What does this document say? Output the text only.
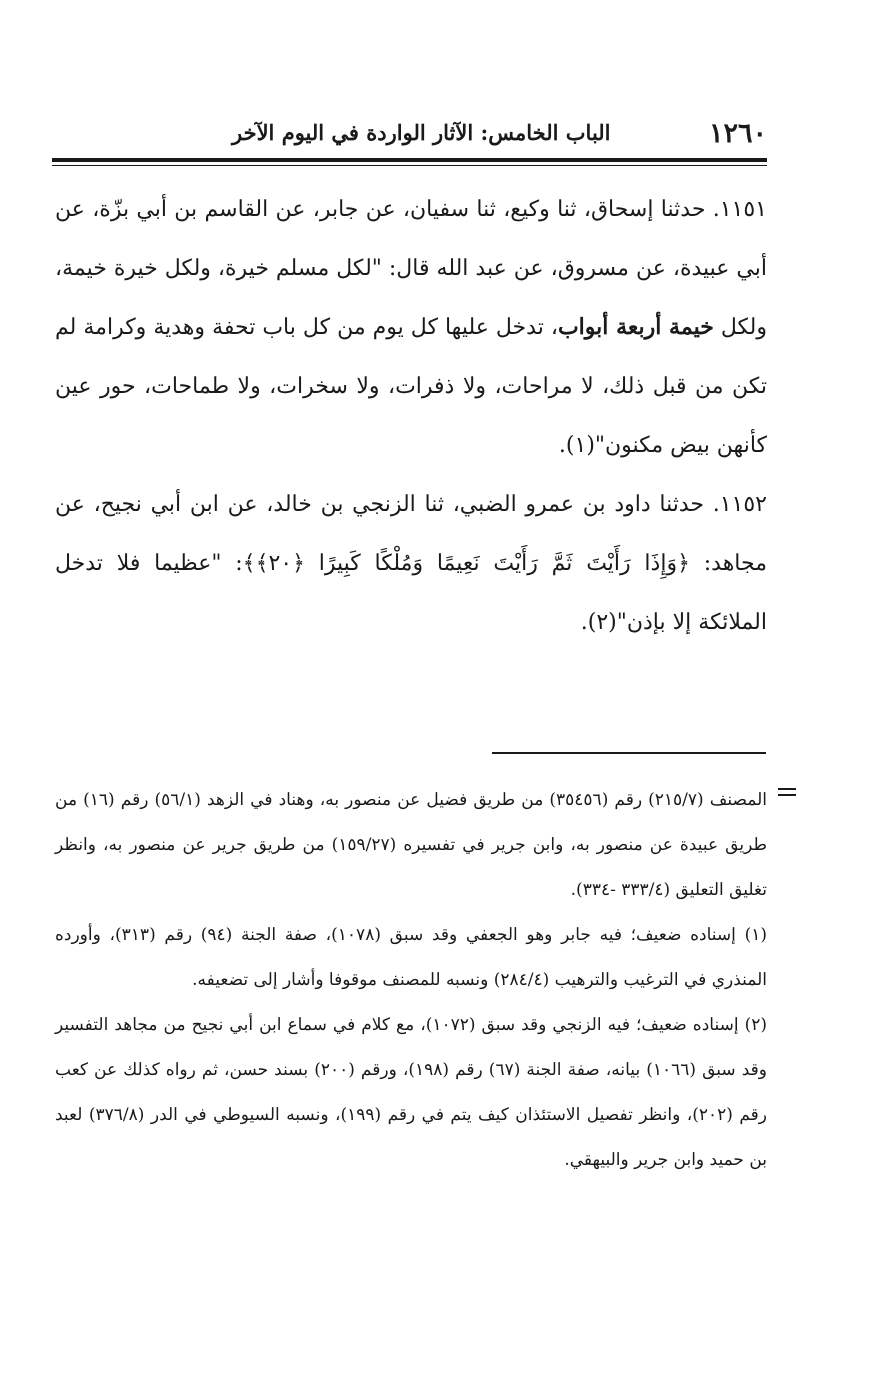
١٢٦٠
الباب الخامس: الآثار الواردة في اليوم الآخر

١١٥١. حدثنا إسحاق، ثنا وكيع، ثنا سفيان، عن جابر، عن القاسم بن أبي بزّة، عن أبي عبيدة، عن مسروق، عن عبد الله قال: "لكل مسلم خيرة، ولكل خيرة خيمة، ولكل خيمة أربعة أبواب، تدخل عليها كل يوم من كل باب تحفة وهدية وكرامة لم تكن من قبل ذلك، لا مراحات، ولا ذفرات، ولا سخرات، ولا طماحات، حور عين كأنهن بيض مكنون"(١).

١١٥٢. حدثنا داود بن عمرو الضبي، ثنا الزنجي بن خالد، عن ابن أبي نجيح، عن مجاهد: ﴿وَإِذَا رَأَيْتَ ثَمَّ رَأَيْتَ نَعِيمًا وَمُلْكًا كَبِيرًا ﴿٢٠﴾﴾: "عظيما فلا تدخل الملائكة إلا بإذن"(٢).

المصنف (٢١٥/٧) رقم (٣٥٤٥٦) من طريق فضيل عن منصور به، وهناد في الزهد (٥٦/١) رقم (١٦) من طريق عبيدة عن منصور به، وابن جرير في تفسيره (١٥٩/٢٧) من طريق جرير عن منصور به، وانظر تغليق التعليق (٣٣٣/٤ -٣٣٤).

(١) إسناده ضعيف؛ فيه جابر وهو الجعفي وقد سبق (١٠٧٨)، صفة الجنة (٩٤) رقم (٣١٣)، وأورده المنذري في الترغيب والترهيب (٢٨٤/٤) ونسبه للمصنف موقوفا وأشار إلى تضعيفه.

(٢) إسناده ضعيف؛ فيه الزنجي وقد سبق (١٠٧٢)، مع كلام في سماع ابن أبي نجيح من مجاهد التفسير وقد سبق (١٠٦٦) بيانه، صفة الجنة (٦٧) رقم (١٩٨)، ورقم (٢٠٠) بسند حسن، ثم رواه كذلك عن كعب رقم (٢٠٢)، وانظر تفصيل الاستئذان كيف يتم في رقم (١٩٩)، ونسبه السيوطي في الدر (٣٧٦/٨) لعبد بن حميد وابن جرير والبيهقي.
